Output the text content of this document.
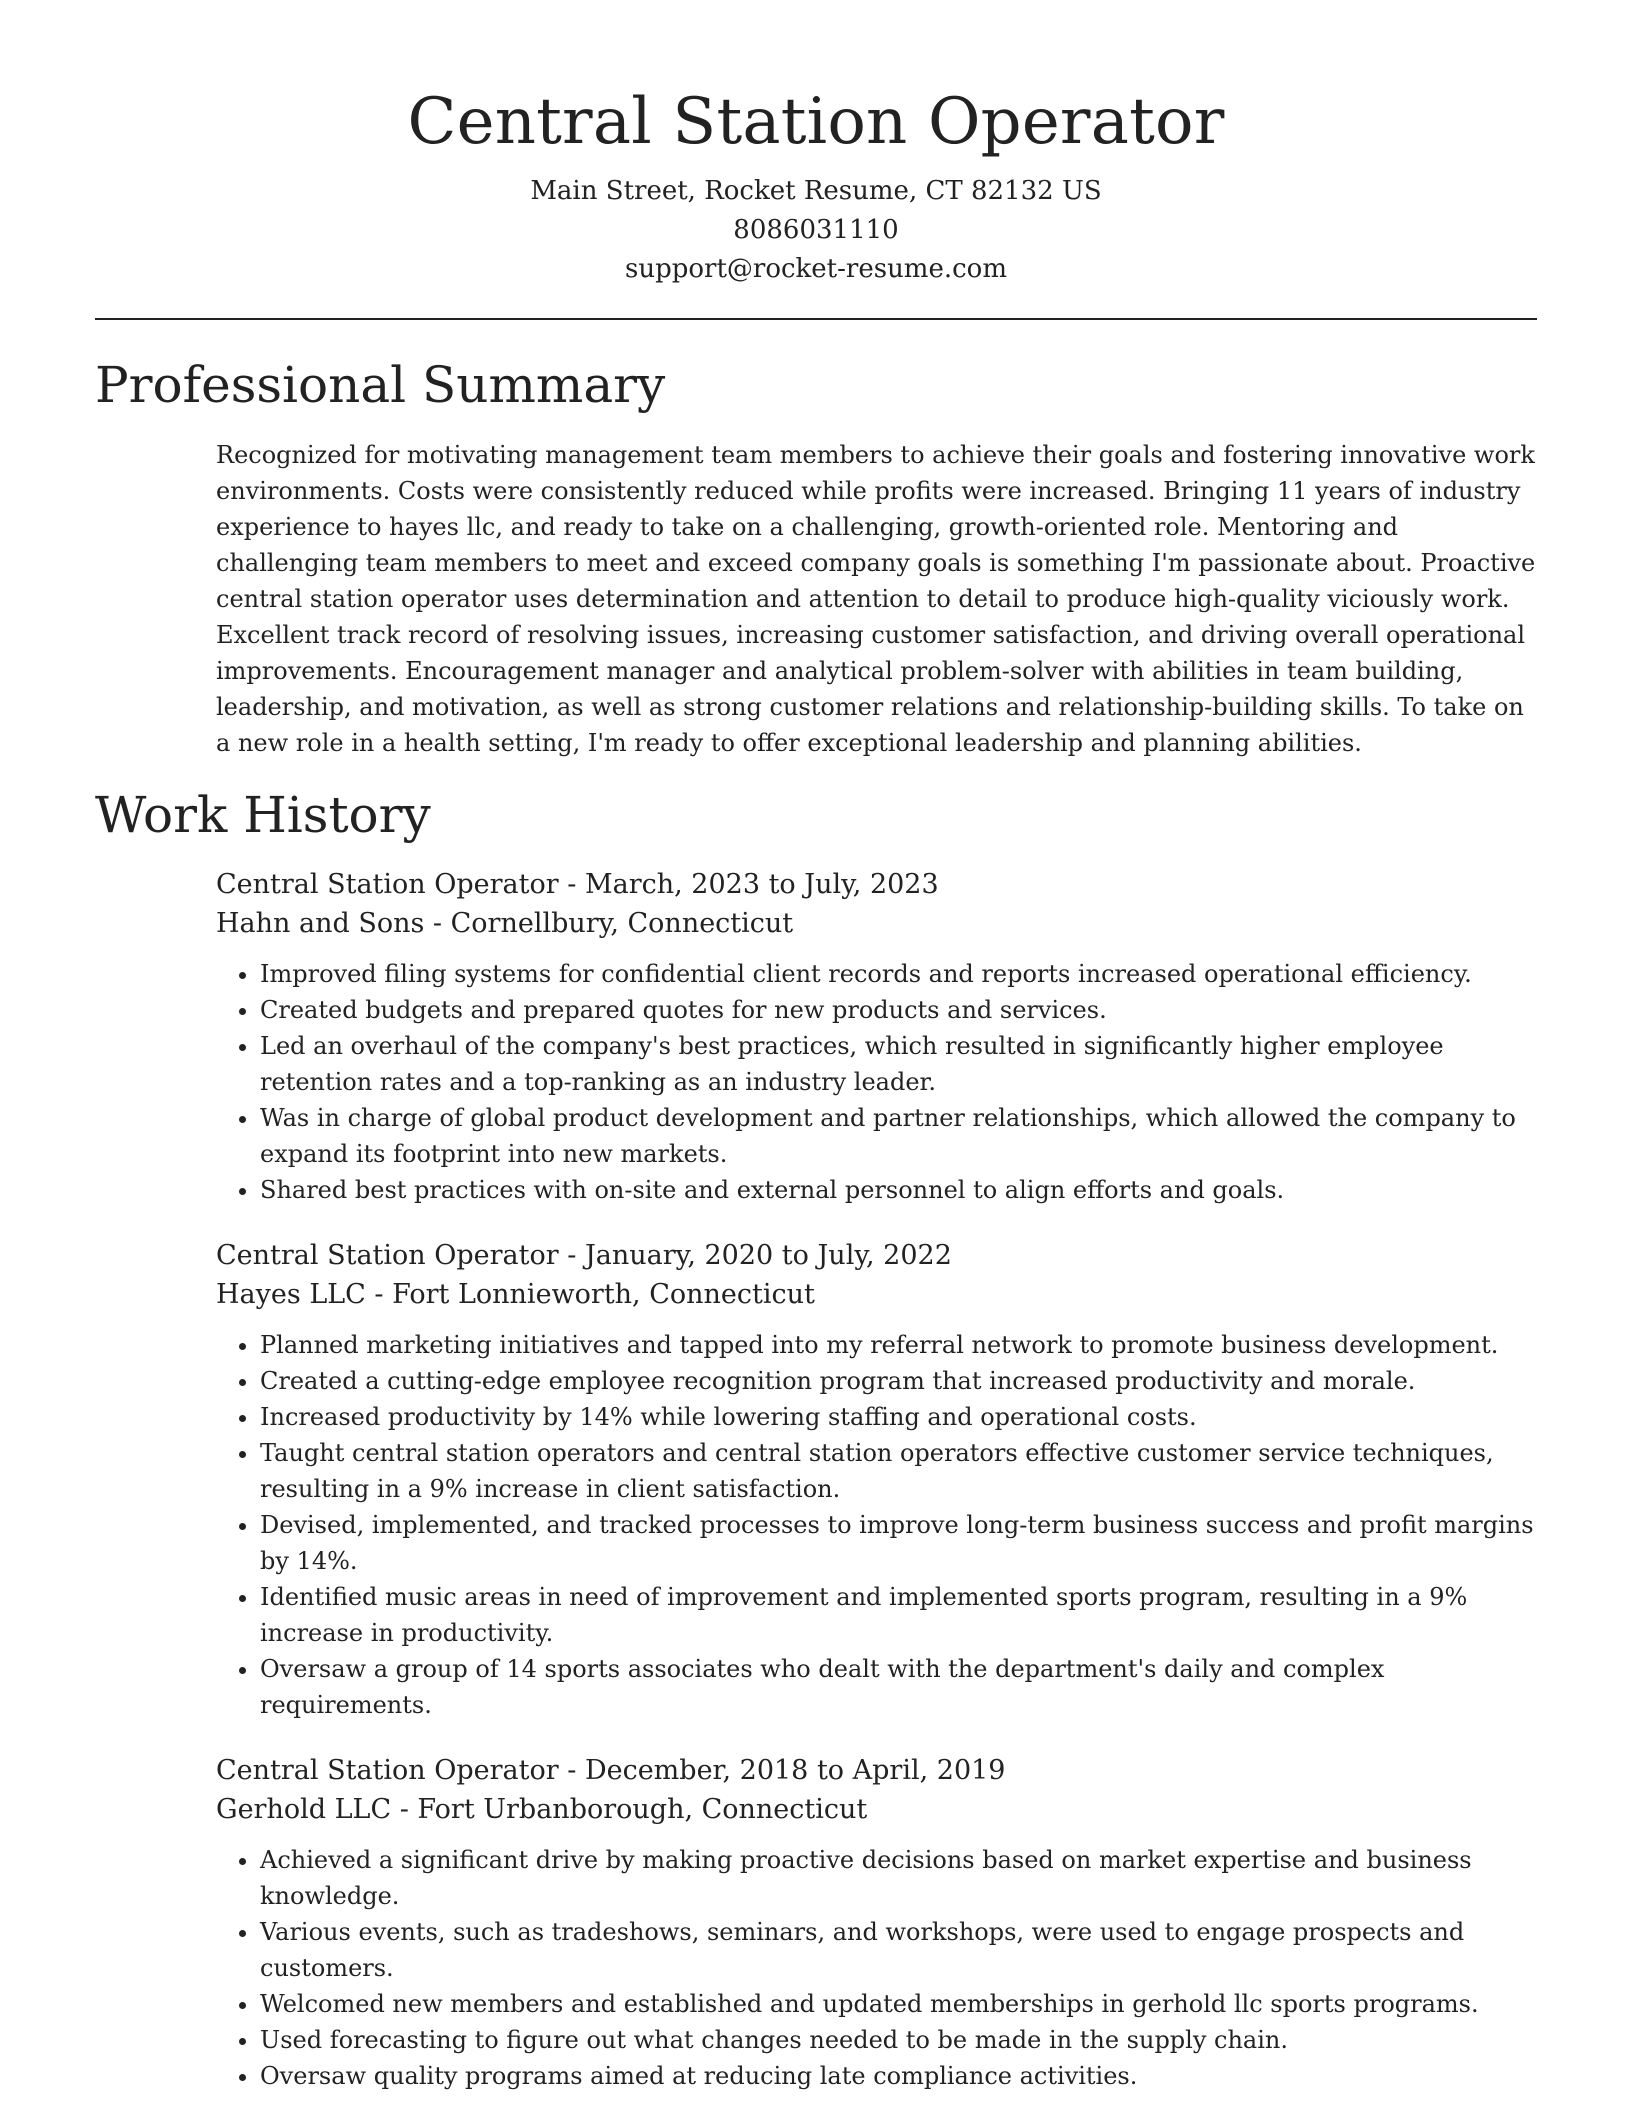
Central Station Operator
Main Street, Rocket Resume, CT 82132 US
8086031110
support@rocket-resume.com
Professional Summary

Recognized for motivating management team members to achieve their goals and fostering innovative work environments. Costs were consistently reduced while profits were increased. Bringing 11 years of industry experience to hayes llc, and ready to take on a challenging, growth-oriented role. Mentoring and challenging team members to meet and exceed company goals is something I'm passionate about. Proactive central station operator uses determination and attention to detail to produce high-quality viciously work. Excellent track record of resolving issues, increasing customer satisfaction, and driving overall operational improvements. Encouragement manager and analytical problem-solver with abilities in team building, leadership, and motivation, as well as strong customer relations and relationship-building skills. To take on a new role in a health setting, I'm ready to offer exceptional leadership and planning abilities.

Work History
Central Station Operator - March, 2023 to July, 2023
Hahn and Sons - Cornellbury, Connecticut
• Improved filing systems for confidential client records and reports increased operational efficiency.
• Created budgets and prepared quotes for new products and services.
• Led an overhaul of the company's best practices, which resulted in significantly higher employee retention rates and a top-ranking as an industry leader.
• Was in charge of global product development and partner relationships, which allowed the company to expand its footprint into new markets.
• Shared best practices with on-site and external personnel to align efforts and goals.
Central Station Operator - January, 2020 to July, 2022
Hayes LLC - Fort Lonnieworth, Connecticut
• Planned marketing initiatives and tapped into my referral network to promote business development.
• Created a cutting-edge employee recognition program that increased productivity and morale.
• Increased productivity by 14% while lowering staffing and operational costs.
• Taught central station operators and central station operators effective customer service techniques, resulting in a 9% increase in client satisfaction.
• Devised, implemented, and tracked processes to improve long-term business success and profit margins by 14%.
• Identified music areas in need of improvement and implemented sports program, resulting in a 9% increase in productivity.
• Oversaw a group of 14 sports associates who dealt with the department's daily and complex requirements.
Central Station Operator - December, 2018 to April, 2019
Gerhold LLC - Fort Urbanborough, Connecticut
• Achieved a significant drive by making proactive decisions based on market expertise and business knowledge.
• Various events, such as tradeshows, seminars, and workshops, were used to engage prospects and customers.
• Welcomed new members and established and updated memberships in gerhold llc sports programs.
• Used forecasting to figure out what changes needed to be made in the supply chain.
• Oversaw quality programs aimed at reducing late compliance activities.
